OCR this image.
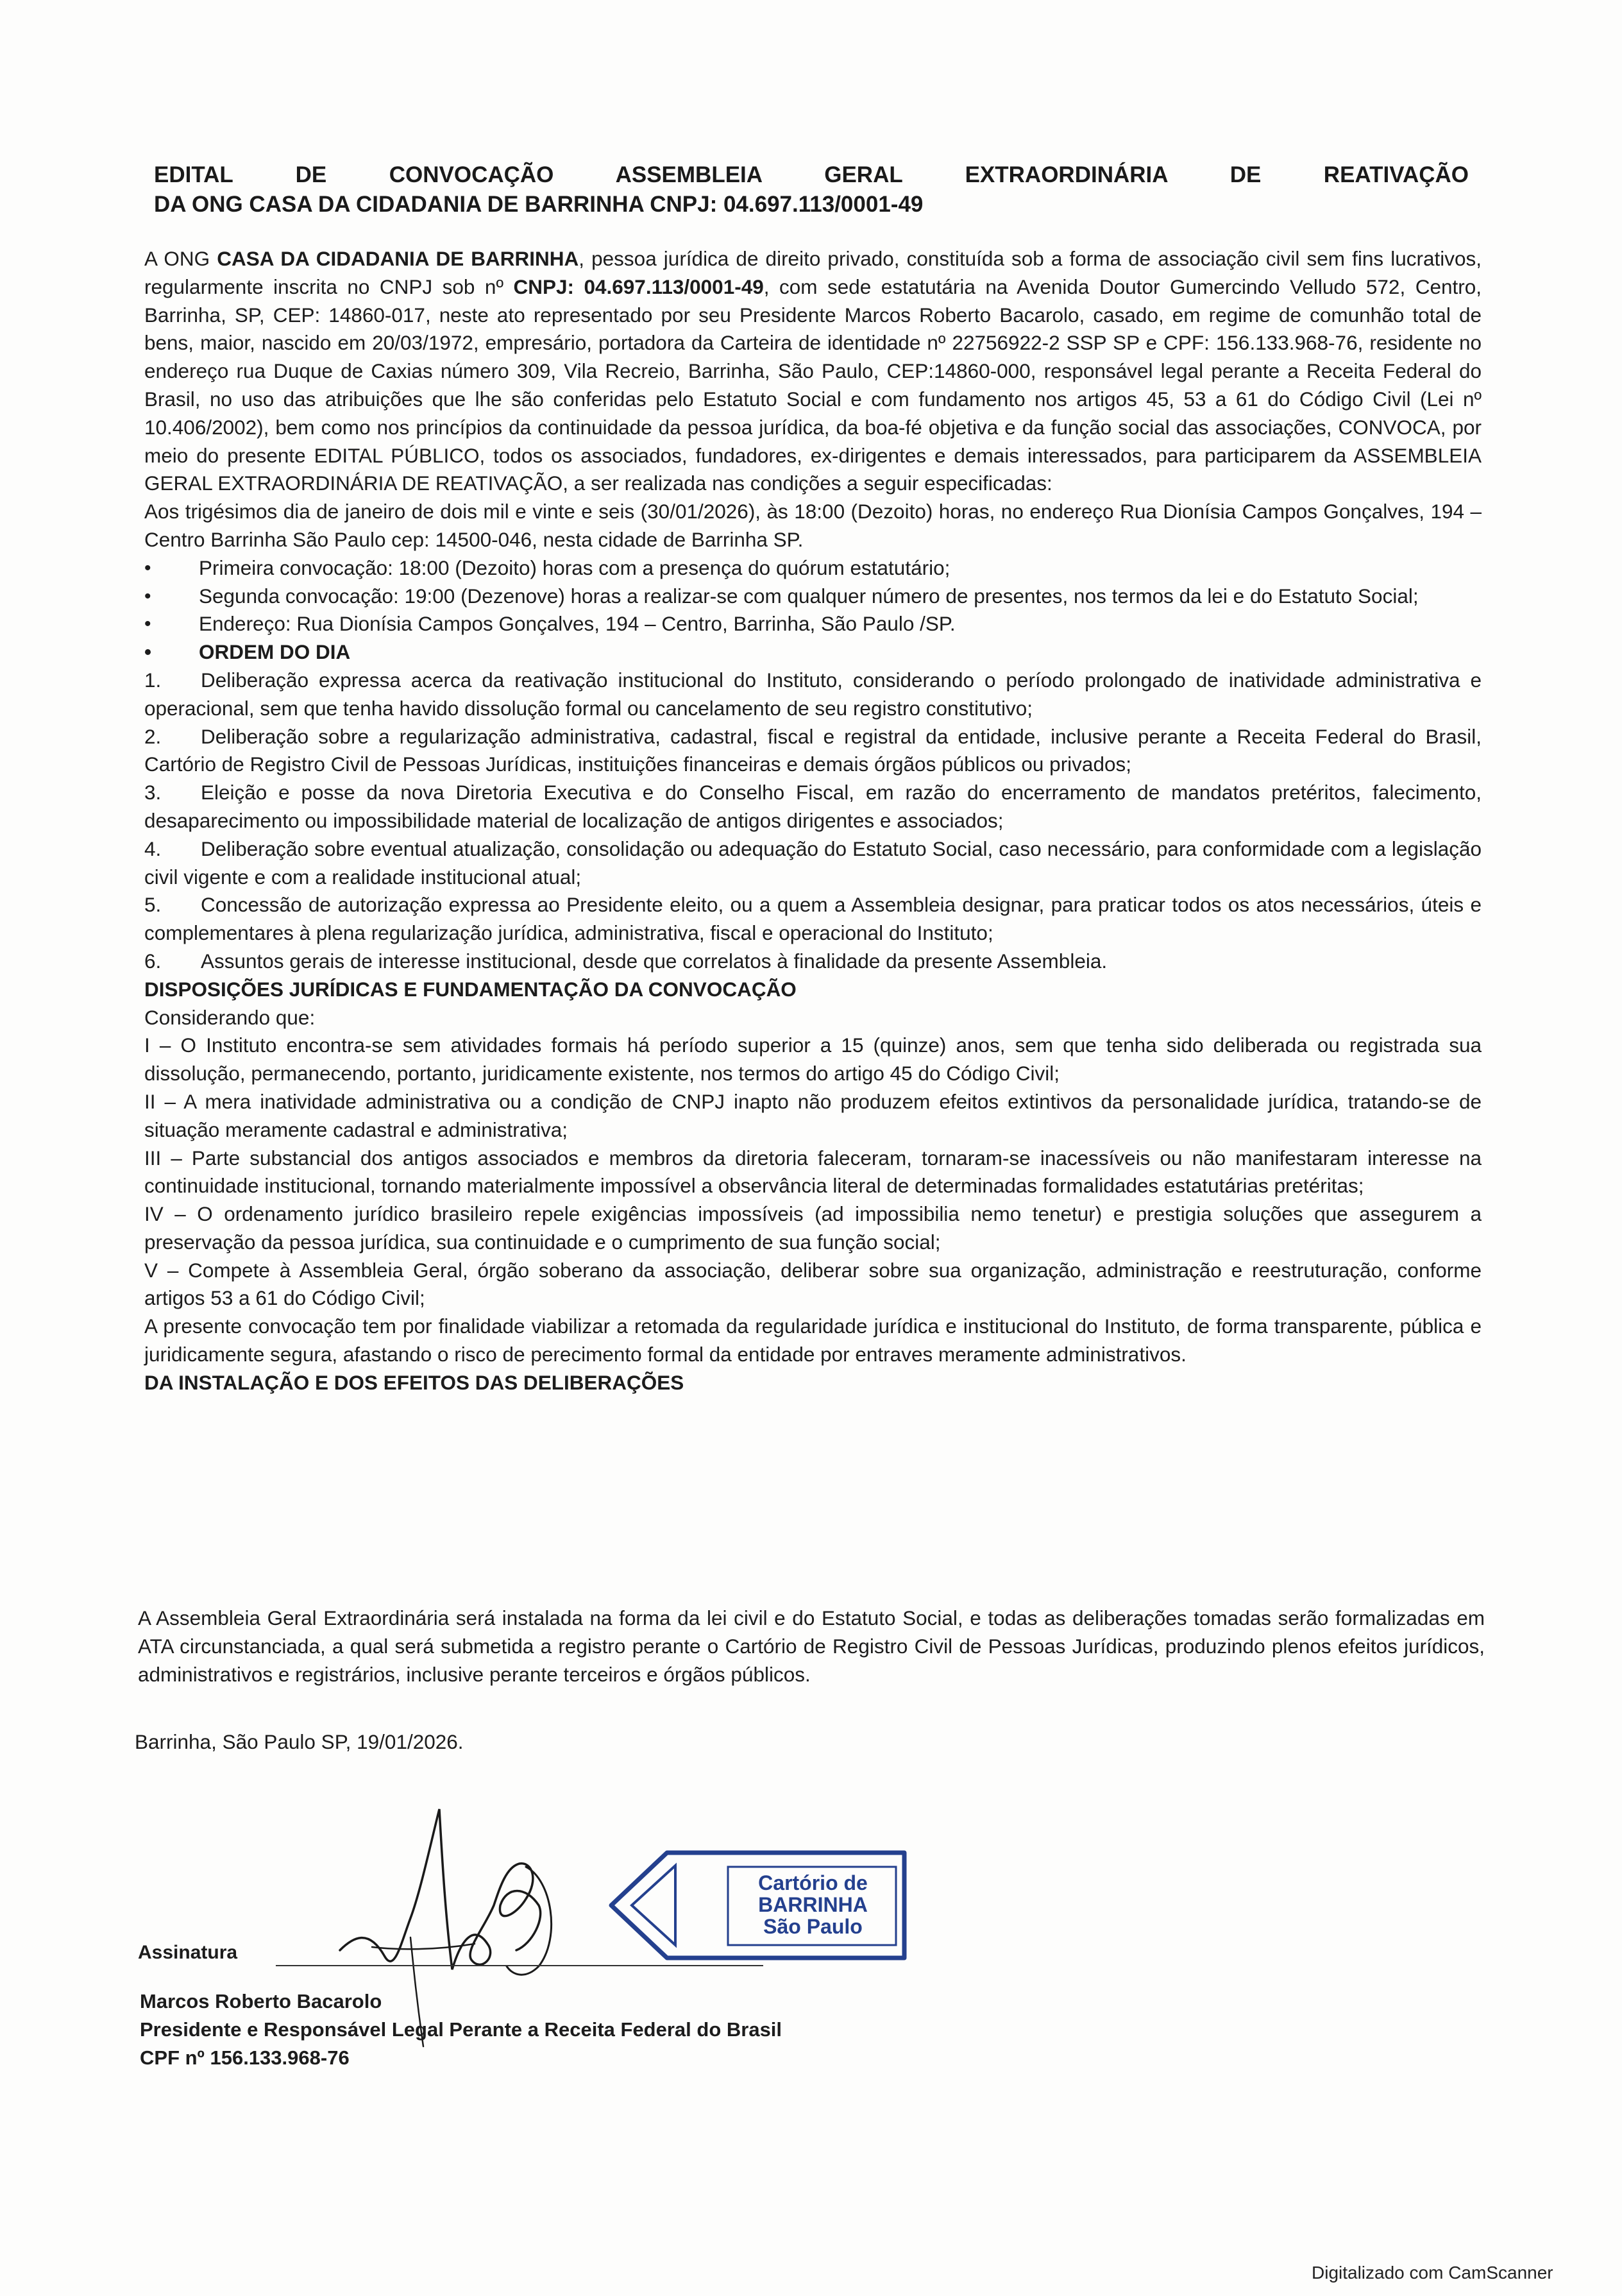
EDITAL DE CONVOCAÇÃO ASSEMBLEIA GERAL EXTRAORDINÁRIA DE REATIVAÇÃO
DA ONG CASA DA CIDADANIA DE BARRINHA CNPJ: 04.697.113/0001-49

A ONG CASA DA CIDADANIA DE BARRINHA, pessoa jurídica de direito privado, constituída sob a forma de associação civil sem fins lucrativos, regularmente inscrita no CNPJ sob nº CNPJ: 04.697.113/0001-49, com sede estatutária na Avenida Doutor Gumercindo Velludo 572, Centro, Barrinha, SP, CEP: 14860-017, neste ato representado por seu Presidente Marcos Roberto Bacarolo, casado, em regime de comunhão total de bens, maior, nascido em 20/03/1972, empresário, portadora da Carteira de identidade nº 22756922-2 SSP SP e CPF: 156.133.968-76, residente no endereço rua Duque de Caxias número 309, Vila Recreio, Barrinha, São Paulo, CEP:14860-000, responsável legal perante a Receita Federal do Brasil, no uso das atribuições que lhe são conferidas pelo Estatuto Social e com fundamento nos artigos 45, 53 a 61 do Código Civil (Lei nº 10.406/2002), bem como nos princípios da continuidade da pessoa jurídica, da boa-fé objetiva e da função social das associações, CONVOCA, por meio do presente EDITAL PÚBLICO, todos os associados, fundadores, ex-dirigentes e demais interessados, para participarem da ASSEMBLEIA GERAL EXTRAORDINÁRIA DE REATIVAÇÃO, a ser realizada nas condições a seguir especificadas:

Aos trigésimos dia de janeiro de dois mil e vinte e seis (30/01/2026), às 18:00 (Dezoito) horas, no endereço Rua Dionísia Campos Gonçalves, 194 – Centro Barrinha São Paulo cep: 14500-046, nesta cidade de Barrinha SP.

• Primeira convocação: 18:00 (Dezoito) horas com a presença do quórum estatutário;
• Segunda convocação: 19:00 (Dezenove) horas a realizar-se com qualquer número de presentes, nos termos da lei e do Estatuto Social;
• Endereço: Rua Dionísia Campos Gonçalves, 194 – Centro, Barrinha, São Paulo /SP.
• ORDEM DO DIA

1. Deliberação expressa acerca da reativação institucional do Instituto, considerando o período prolongado de inatividade administrativa e operacional, sem que tenha havido dissolução formal ou cancelamento de seu registro constitutivo;

2. Deliberação sobre a regularização administrativa, cadastral, fiscal e registral da entidade, inclusive perante a Receita Federal do Brasil, Cartório de Registro Civil de Pessoas Jurídicas, instituições financeiras e demais órgãos públicos ou privados;

3. Eleição e posse da nova Diretoria Executiva e do Conselho Fiscal, em razão do encerramento de mandatos pretéritos, falecimento, desaparecimento ou impossibilidade material de localização de antigos dirigentes e associados;

4. Deliberação sobre eventual atualização, consolidação ou adequação do Estatuto Social, caso necessário, para conformidade com a legislação civil vigente e com a realidade institucional atual;

5. Concessão de autorização expressa ao Presidente eleito, ou a quem a Assembleia designar, para praticar todos os atos necessários, úteis e complementares à plena regularização jurídica, administrativa, fiscal e operacional do Instituto;

6. Assuntos gerais de interesse institucional, desde que correlatos à finalidade da presente Assembleia.

DISPOSIÇÕES JURÍDICAS E FUNDAMENTAÇÃO DA CONVOCAÇÃO

Considerando que:

I – O Instituto encontra-se sem atividades formais há período superior a 15 (quinze) anos, sem que tenha sido deliberada ou registrada sua dissolução, permanecendo, portanto, juridicamente existente, nos termos do artigo 45 do Código Civil;

II – A mera inatividade administrativa ou a condição de CNPJ inapto não produzem efeitos extintivos da personalidade jurídica, tratando-se de situação meramente cadastral e administrativa;

III – Parte substancial dos antigos associados e membros da diretoria faleceram, tornaram-se inacessíveis ou não manifestaram interesse na continuidade institucional, tornando materialmente impossível a observância literal de determinadas formalidades estatutárias pretéritas;

IV – O ordenamento jurídico brasileiro repele exigências impossíveis (ad impossibilia nemo tenetur) e prestigia soluções que assegurem a preservação da pessoa jurídica, sua continuidade e o cumprimento de sua função social;

V – Compete à Assembleia Geral, órgão soberano da associação, deliberar sobre sua organização, administração e reestruturação, conforme artigos 53 a 61 do Código Civil;

A presente convocação tem por finalidade viabilizar a retomada da regularidade jurídica e institucional do Instituto, de forma transparente, pública e juridicamente segura, afastando o risco de perecimento formal da entidade por entraves meramente administrativos.

DA INSTALAÇÃO E DOS EFEITOS DAS DELIBERAÇÕES

A Assembleia Geral Extraordinária será instalada na forma da lei civil e do Estatuto Social, e todas as deliberações tomadas serão formalizadas em ATA circunstanciada, a qual será submetida a registro perante o Cartório de Registro Civil de Pessoas Jurídicas, produzindo plenos efeitos jurídicos, administrativos e registrários, inclusive perante terceiros e órgãos públicos.
Barrinha, São Paulo SP, 19/01/2026.
Assinatura
Cartório de
BARRINHA
São Paulo
Marcos Roberto Bacarolo
Presidente e Responsável Legal Perante a Receita Federal do Brasil
CPF nº 156.133.968-76
Digitalizado com CamScanner
